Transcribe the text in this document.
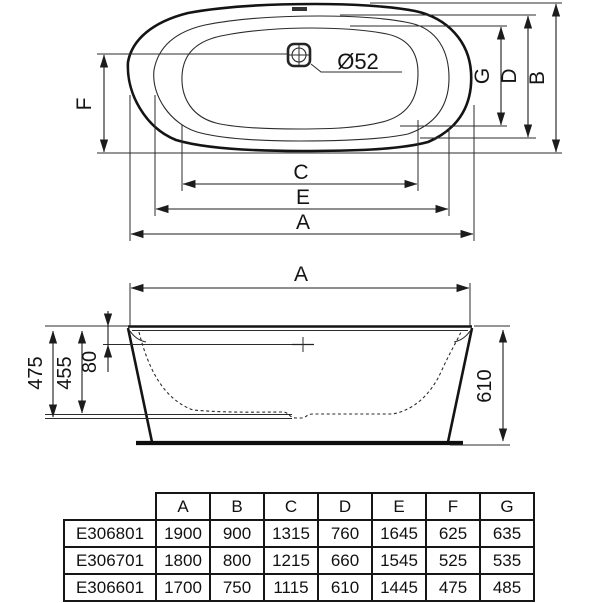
Ø52
F
G D B
C
E
A
A
475 455 80
610
	A	B	C	D	E	F	G
E306801	1900	900	1315	760	1645	625	635
E306701	1800	800	1215	660	1545	525	535
E306601	1700	750	1115	610	1445	475	485
